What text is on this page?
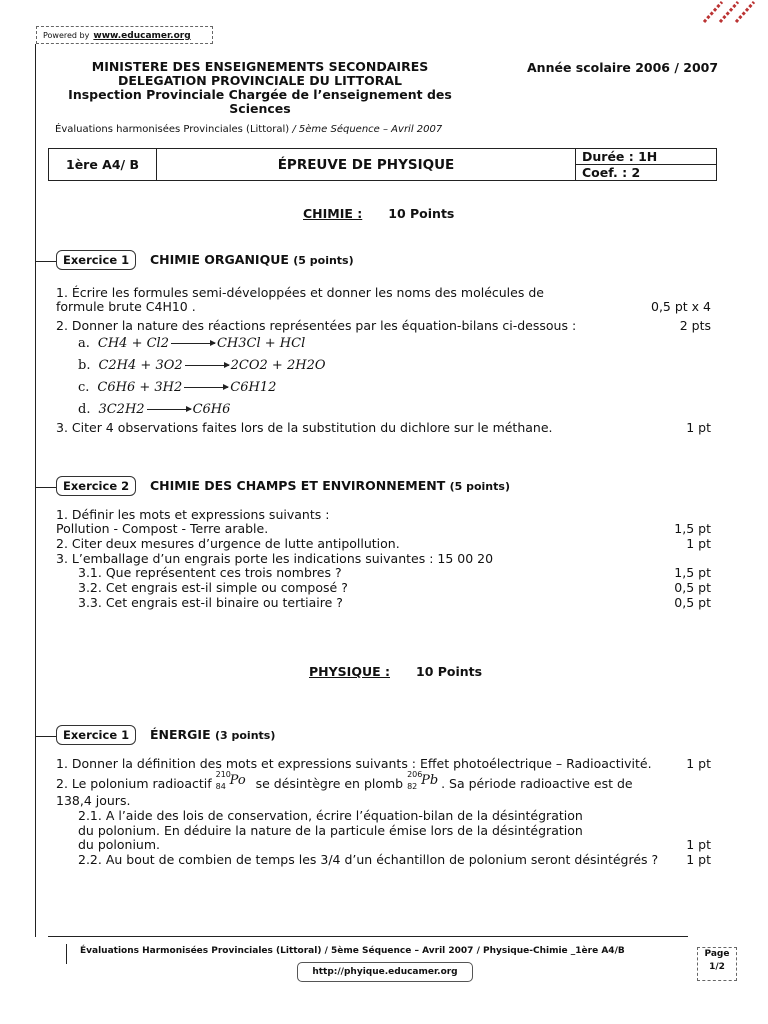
Powered by www.educamer.org
MINISTERE DES ENSEIGNEMENTS SECONDAIRES
DELEGATION PROVINCIALE DU LITTORAL
Inspection Provinciale Chargée de l’enseignement des Sciences
Année scolaire 2006 / 2007
Évaluations harmonisées Provinciales (Littoral) / 5ème Séquence – Avril 2007
1ère A4/ B	ÉPREUVE DE PHYSIQUE	Durée : 1H
Coef. : 2
CHIMIE : 10 Points
Exercice 1	CHIMIE ORGANIQUE (5 points)
1. Écrire les formules semi-développées et donner les noms des molécules de
formule brute C4H10 .	0,5 pt x 4
2. Donner la nature des réactions représentées par les équation-bilans ci-dessous :	2 pts
a. CH4 + Cl2 → CH3Cl + HCl
b. C2H4 + 3O2 → 2CO2 + 2H2O
c. C6H6 + 3H2 → C6H12
d. 3C2H2 → C6H6
3. Citer 4 observations faites lors de la substitution du dichlore sur le méthane.	1 pt
Exercice 2	CHIMIE DES CHAMPS ET ENVIRONNEMENT (5 points)
1. Définir les mots et expressions suivants :
Pollution - Compost - Terre arable.	1,5 pt
2. Citer deux mesures d’urgence de lutte antipollution.	1 pt
3. L’emballage d’un engrais porte les indications suivantes : 15 00 20
3.1. Que représentent ces trois nombres ?	1,5 pt
3.2. Cet engrais est-il simple ou composé ?	0,5 pt
3.3. Cet engrais est-il binaire ou tertiaire ?	0,5 pt
PHYSIQUE : 10 Points
Exercice 1	ÉNERGIE (3 points)
1. Donner la définition des mots et expressions suivants : Effet photoélectrique – Radioactivité.	1 pt
2. Le polonium radioactif
210
84 Po se désintègre en plomb
206
82 Pb . Sa période radioactive est de
138,4 jours.
2.1. A l’aide des lois de conservation, écrire l’équation-bilan de la désintégration
du polonium. En déduire la nature de la particule émise lors de la désintégration
du polonium.	1 pt
2.2. Au bout de combien de temps les 3/4 d’un échantillon de polonium seront désintégrés ?	1 pt
Évaluations Harmonisées Provinciales (Littoral) / 5ème Séquence – Avril 2007 / Physique-Chimie _1ère A4/B
http://phyique.educamer.org
Page
1/2
